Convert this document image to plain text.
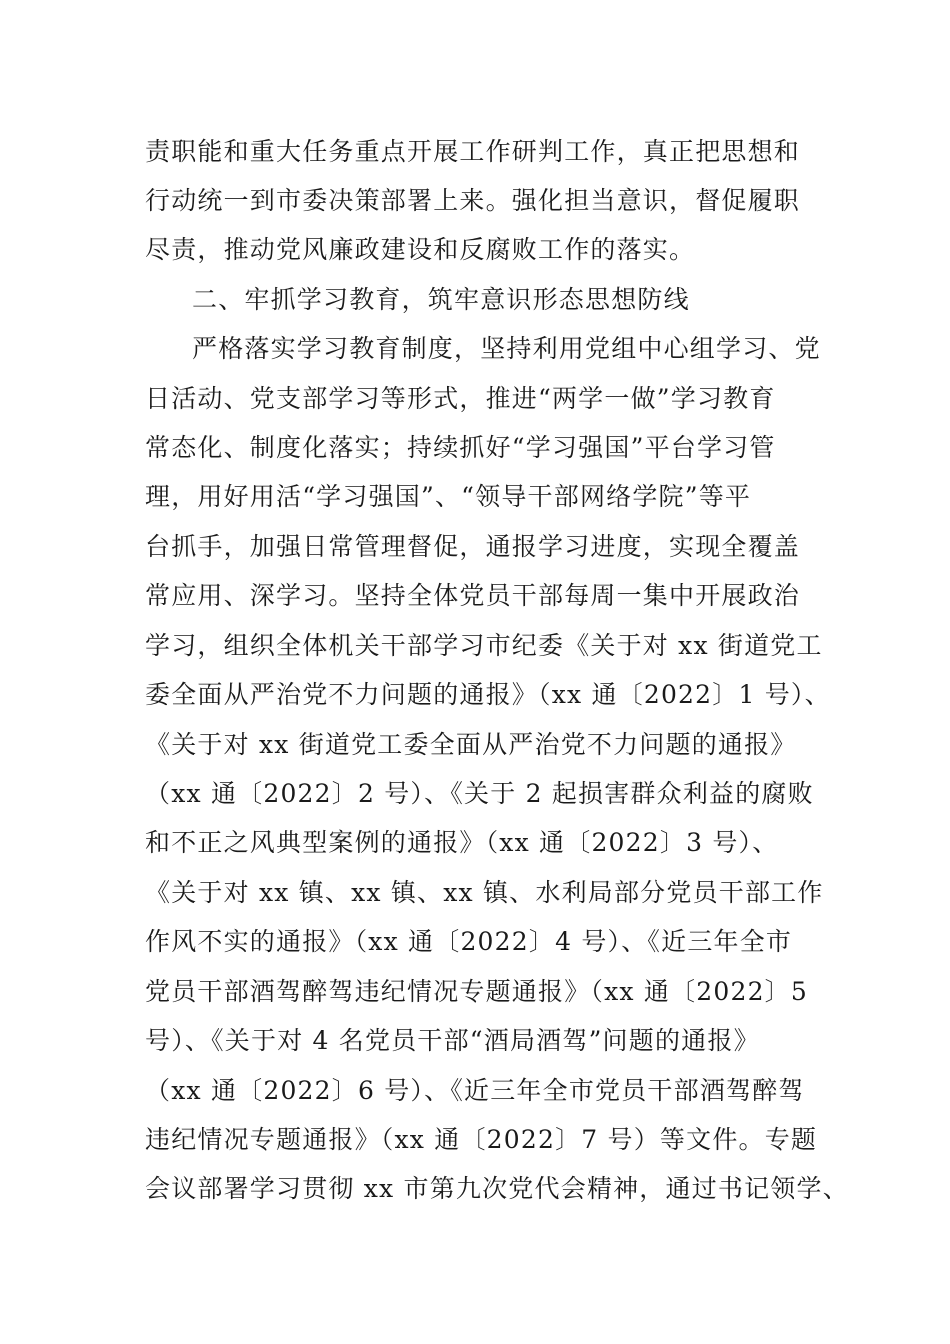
责职能和重大任务重点开展工作研判工作，真正把思想和
行动统一到市委决策部署上来。强化担当意识，督促履职
尽责，推动党风廉政建设和反腐败工作的落实。
二、牢抓学习教育，筑牢意识形态思想防线
严格落实学习教育制度，坚持利用党组中心组学习、党
日活动、党支部学习等形式，推进“两学一做”学习教育
常态化、制度化落实；持续抓好“学习强国”平台学习管
理，用好用活“学习强国”、“领导干部网络学院”等平
台抓手，加强日常管理督促，通报学习进度，实现全覆盖
常应用、深学习。坚持全体党员干部每周一集中开展政治
学习，组织全体机关干部学习市纪委《关于对 xx 街道党工
委全面从严治党不力问题的通报》（xx 通〔2022〕1 号）、
《关于对 xx 街道党工委全面从严治党不力问题的通报》
（xx 通〔2022〕2 号）、《关于 2 起损害群众利益的腐败
和不正之风典型案例的通报》（xx 通〔2022〕3 号）、
《关于对 xx 镇、xx 镇、xx 镇、水利局部分党员干部工作
作风不实的通报》（xx 通〔2022〕4 号）、《近三年全市
党员干部酒驾醉驾违纪情况专题通报》（xx 通〔2022〕5
号）、《关于对 4 名党员干部“酒局酒驾”问题的通报》
（xx 通〔2022〕6 号）、《近三年全市党员干部酒驾醉驾
违纪情况专题通报》（xx 通〔2022〕7 号）等文件。专题
会议部署学习贯彻 xx 市第九次党代会精神，通过书记领学、
